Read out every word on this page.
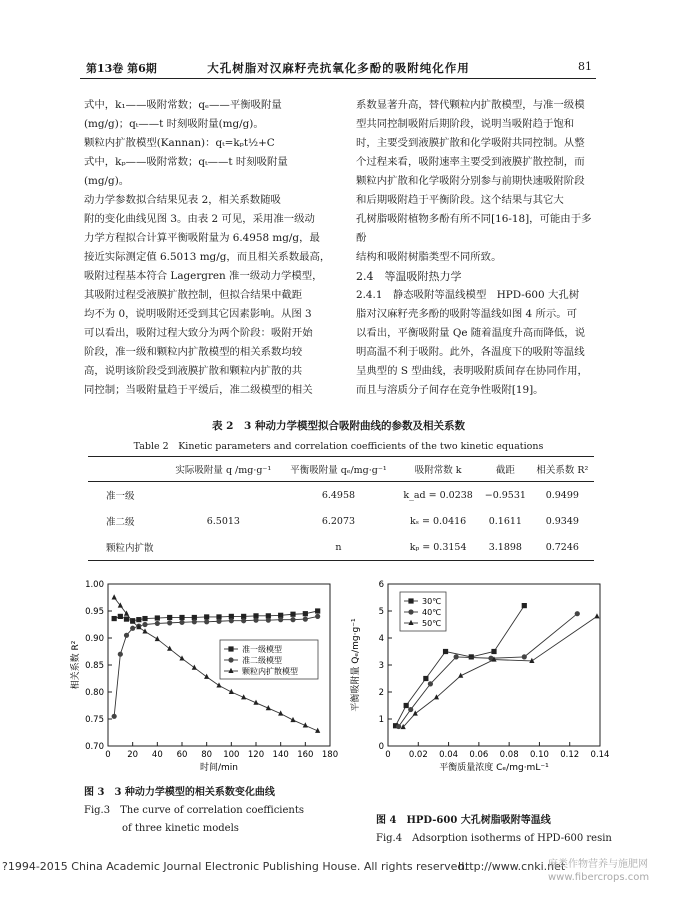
第13卷 第6期	大孔树脂对汉麻籽壳抗氧化多酚的吸附纯化作用	81

式中，k₁——吸附常数；qₑ——平衡吸附量

(mg/g)；qₜ——t 时刻吸附量(mg/g)。

颗粒内扩散模型(Kannan)：qₜ=kₚt½+C

式中，kₚ——吸附常数；qₜ——t 时刻吸附量

(mg/g)。

动力学参数拟合结果见表 2，相关系数随吸

附的变化曲线见图 3。由表 2 可见，采用准一级动

力学方程拟合计算平衡吸附量为 6.4958 mg/g，最

接近实际测定值 6.5013 mg/g，而且相关系数最高，

吸附过程基本符合 Lagergren 准一级动力学模型，

其吸附过程受液膜扩散控制，但拟合结果中截距

均不为 0，说明吸附还受到其它因素影响。从图 3

可以看出，吸附过程大致分为两个阶段：吸附开始

阶段，准一级和颗粒内扩散模型的相关系数均较

高，说明该阶段受到液膜扩散和颗粒内扩散的共

同控制；当吸附量趋于平缓后，准二级模型的相关

系数显著升高，替代颗粒内扩散模型，与准一级模

型共同控制吸附后期阶段，说明当吸附趋于饱和

时，主要受到液膜扩散和化学吸附共同控制。从整

个过程来看，吸附速率主要受到液膜扩散控制，而

颗粒内扩散和化学吸附分别参与前期快速吸附阶段

和后期吸附趋于平衡阶段。这个结果与其它大

孔树脂吸附植物多酚有所不同[16-18]，可能由于多酚

结构和吸附树脂类型不同所致。

2.4　等温吸附热力学

2.4.1　静态吸附等温线模型　HPD-600 大孔树

脂对汉麻籽壳多酚的吸附等温线如图 4 所示。可

以看出，平衡吸附量 Qe 随着温度升高而降低，说

明高温不利于吸附。此外，各温度下的吸附等温线

呈典型的 S 型曲线，表明吸附质间存在协同作用，

而且与溶质分子间存在竞争性吸附[19]。

表 2　3 种动力学模型拟合吸附曲线的参数及相关系数
Table 2　Kinetic parameters and correlation coefficients of the two kinetic equations
	实际吸附量 q /mg·g⁻¹	平衡吸附量 qₑ/mg·g⁻¹	吸附常数 k	截距	相关系数 R²
准一级		6.4958	k_ad = 0.0238	−0.9531	0.9499
准二级	6.5013	6.2073	kₛ = 0.0416	0.1611	0.9349
颗粒内扩散		n	kₚ = 0.3154	3.1898	0.7246
0 20 40 60 80 100 120 140 160 180
0.70
0.75
0.80
0.85
0.90
0.95
1.00
时间/min
相关系数 R²	准一级模型
准二级模型
颗粒内扩散模型
图 3　3 种动力学模型的相关系数变化曲线
Fig.3　The curve of correlation coefficients
of three kinetic models
0 0.02 0.04 0.06 0.08 0.10 0.12 0.14
0
1
2
3
4
5
6
平衡质量浓度 Cₑ/mg·mL⁻¹
平衡吸附量 Qₑ/mg·g⁻¹
30℃
40℃
50℃
图 4　HPD-600 大孔树脂吸附等温线
Fig.4　Adsorption isotherms of HPD-600 resin
?1994-2015 China Academic Journal Electronic Publishing House. All rights reserved.
http://www.cnki.net
麻类作物营养与施肥网
www.fibercrops.com
